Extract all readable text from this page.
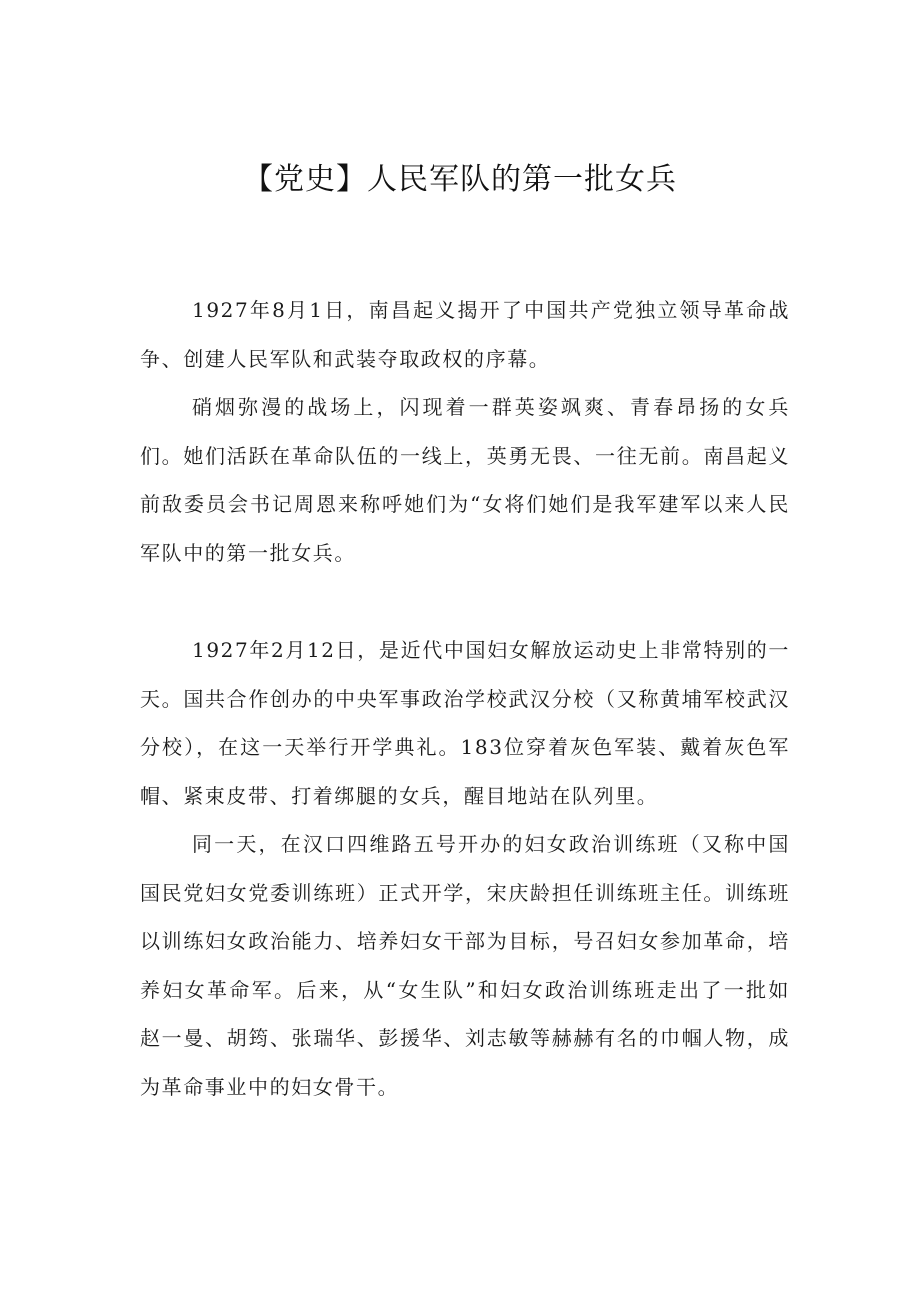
【党史】人民军队的第一批女兵

1927年8月1日，南昌起义揭开了中国共产党独立领导革命战争、创建人民军队和武装夺取政权的序幕。

硝烟弥漫的战场上，闪现着一群英姿飒爽、青春昂扬的女兵们。她们活跃在革命队伍的一线上，英勇无畏、一往无前。南昌起义前敌委员会书记周恩来称呼她们为“女将们她们是我军建军以来人民军队中的第一批女兵。

1927年2月12日，是近代中国妇女解放运动史上非常特别的一天。国共合作创办的中央军事政治学校武汉分校（又称黄埔军校武汉分校），在这一天举行开学典礼。183位穿着灰色军装、戴着灰色军帽、紧束皮带、打着绑腿的女兵，醒目地站在队列里。

同一天，在汉口四维路五号开办的妇女政治训练班（又称中国国民党妇女党委训练班）正式开学，宋庆龄担任训练班主任。训练班以训练妇女政治能力、培养妇女干部为目标，号召妇女参加革命，培养妇女革命军。后来，从“女生队”和妇女政治训练班走出了一批如赵一曼、胡筠、张瑞华、彭援华、刘志敏等赫赫有名的巾帼人物，成为革命事业中的妇女骨干。
